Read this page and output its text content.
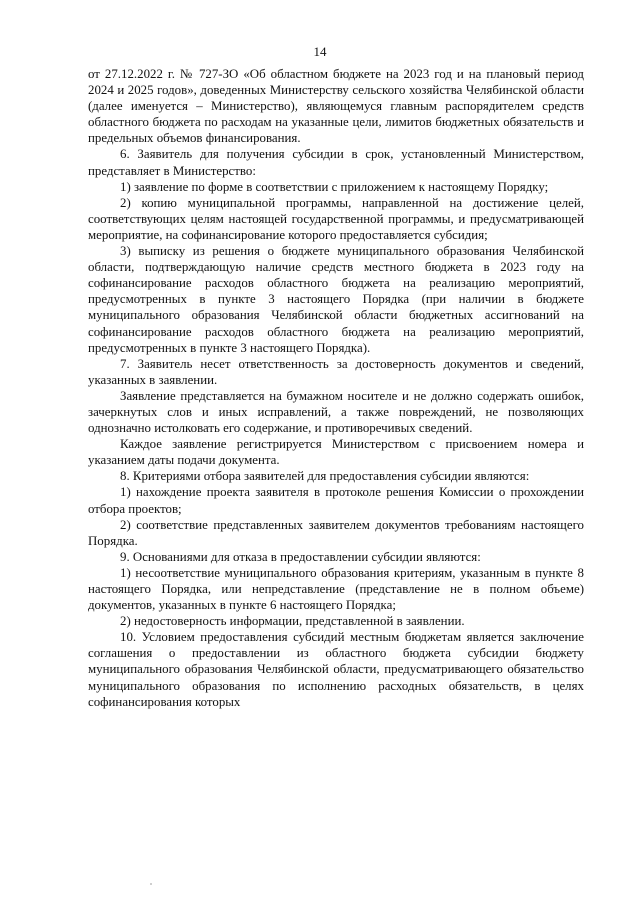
14

от 27.12.2022 г. № 727-ЗО «Об областном бюджете на 2023 год и на плановый период 2024 и 2025 годов», доведенных Министерству сельского хозяйства Челябинской области (далее именуется – Министерство), являющемуся главным распорядителем средств областного бюджета по расходам на указанные цели, лимитов бюджетных обязательств и предельных объемов финансирования.

6. Заявитель для получения субсидии в срок, установленный Министерством, представляет в Министерство:

1) заявление по форме в соответствии с приложением к настоящему Порядку;

2) копию муниципальной программы, направленной на достижение целей, соответствующих целям настоящей государственной программы, и предусматривающей мероприятие, на софинансирование которого предоставляется субсидия;

3) выписку из решения о бюджете муниципального образования Челябинской области, подтверждающую наличие средств местного бюджета в 2023 году на софинансирование расходов областного бюджета на реализацию мероприятий, предусмотренных в пункте 3 настоящего Порядка (при наличии в бюджете муниципального образования Челябинской области бюджетных ассигнований на софинансирование расходов областного бюджета на реализацию мероприятий, предусмотренных в пункте 3 настоящего Порядка).

7. Заявитель несет ответственность за достоверность документов и сведений, указанных в заявлении.

Заявление представляется на бумажном носителе и не должно содержать ошибок, зачеркнутых слов и иных исправлений, а также повреждений, не позволяющих однозначно истолковать его содержание, и противоречивых сведений.

Каждое заявление регистрируется Министерством с присвоением номера и указанием даты подачи документа.

8. Критериями отбора заявителей для предоставления субсидии являются:

1) нахождение проекта заявителя в протоколе решения Комиссии о прохождении отбора проектов;

2) соответствие представленных заявителем документов требованиям настоящего Порядка.

9. Основаниями для отказа в предоставлении субсидии являются:

1) несоответствие муниципального образования критериям, указанным в пункте 8 настоящего Порядка, или непредставление (представление не в полном объеме) документов, указанных в пункте 6 настоящего Порядка;

2) недостоверность информации, представленной в заявлении.

10. Условием предоставления субсидий местным бюджетам является заключение соглашения о предоставлении из областного бюджета субсидии бюджету муниципального образования Челябинской области, предусматривающего обязательство муниципального образования по исполнению расходных обязательств, в целях софинансирования которых
